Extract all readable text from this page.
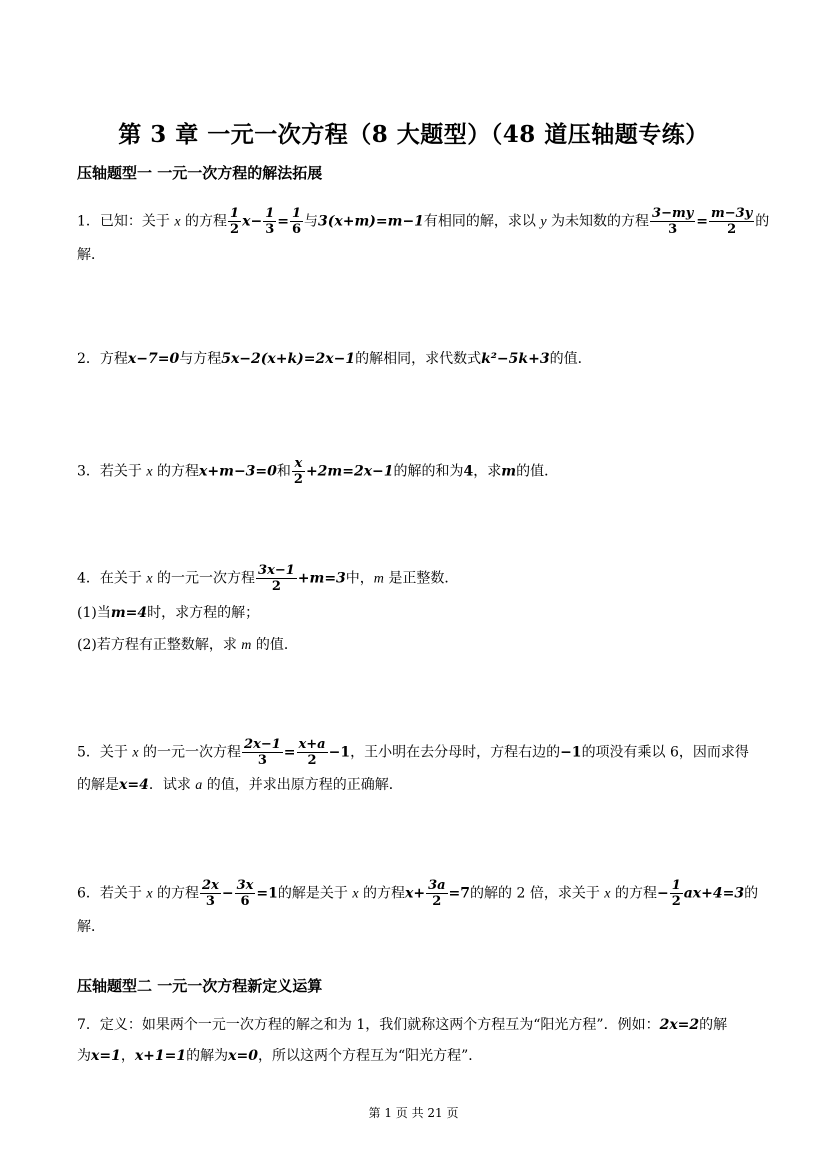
第 3 章 一元一次方程（8 大题型）（48 道压轴题专练）
压轴题型一 一元一次方程的解法拓展
1．已知：关于 x 的方程 $\frac{1}{2} x- \frac{1}{3} = \frac{1}{6}$ 与3(x+m)=m−1有相同的解，求以 y 为未知数的方程 $\frac{3-my}{3} = \frac{m-3y}{2}$ 的
解．
2．方程x−7=0与方程5x−2(x+k)=2x−1的解相同，求代数式k²−5k+3的值．
3．若关于 x 的方程x+m−3=0和 $\frac{x}{2} +2m=2x-1$的解的和为4，求m的值．
4．在关于 x 的一元一次方程 $\frac{3x-1}{2} +m=3$中，m 是正整数．
(1)当m=4时，求方程的解；
(2)若方程有正整数解，求 m 的值．
5．关于 x 的一元一次方程 $\frac{2x-1}{3} = \frac{x+a}{2} -1$，王小明在去分母时，方程右边的−1的项没有乘以 6，因而求得
的解是x=4．试求 a 的值，并求出原方程的正确解．
6．若关于 x 的方程 $\frac{2x}{3} - \frac{3x}{6} =1$的解是关于 x 的方程$x+ \frac{3a}{2} =7$的解的 2 倍，求关于 x 的方程− $\frac{1}{2} ax+4=3$的
解．
压轴题型二 一元一次方程新定义运算
7．定义：如果两个一元一次方程的解之和为 1，我们就称这两个方程互为“阳光方程”．例如：2x=2的解
为x=1，x+1=1的解为x=0，所以这两个方程互为“阳光方程”．
第 1 页 共 21 页
